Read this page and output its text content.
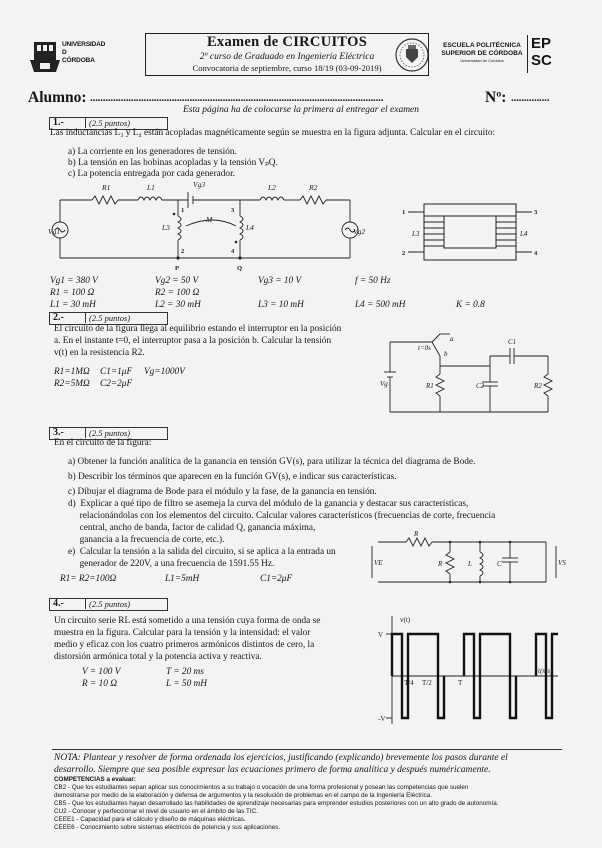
UNIVERSIDAD
D
CÓRDOBA
Examen de CIRCUITOS
2º curso de Graduado en Ingeniería Eléctrica
Convocatoria de septiembre, curso 18/19 (03-09-2019)
ESCUELA POLITÉCNICA
SUPERIOR DE CÓRDOBA
Universidad de Córdoba
EP
SC
Alumno: ...................................................................................................................	Nº: ...............
Esta página ha de colocarse la primera al entregar el examen
1.-	(2.5 puntos)
Las inductancias L₃ y L₄ están acopladas magnéticamente según se muestra en la figura adjunta. Calcular en el circuito:
a) La corriente en los generadores de tensión.
b) La tensión en las bobinas acopladas y la tensión VₚQ.
c) La potencia entregada por cada generador.
R1	L1	Vg3	L2	R2
M
L3	L4
Vg1	Vg2
1
2
3
4
P	Q
1
2
3
4
L3	L4
Vg1 = 380 V	Vg2 = 50 V	Vg3 = 10 V	f = 50 Hz
R1 = 100 Ω	R2 = 100 Ω
L1 = 30 mH	L2 = 30 mH	L3 = 10 mH	L4 = 500 mH	K = 0.8
2.-	(2.5 puntos)
El circuito de la figura llega al equilibrio estando el interruptor en la posición
a. En el instante t=0, el interruptor pasa a la posición b. Calcular la tensión
v(t) en la resistencia R2.
R1=1MΩ C1=1μF Vg=1000V
R2=5MΩ C2=2μF
a
b
t=0s
Vg	R1	C2
C1
R2
3.-	(2.5 puntos)
En el circuito de la figura:
a) Obtener la función analítica de la ganancia en tensión GV(s), para utilizar la técnica del diagrama de Bode.
b) Describir los términos que aparecen en la función GV(s), e indicar sus características.
c) Dibujar el diagrama de Bode para el módulo y la fase, de la ganancia en tensión.
d)  Explicar a qué tipo de filtro se asemeja la curva del módulo de la ganancia y destacar sus características,
relacionándolas con los elementos del circuito. Calcular valores característicos (frecuencias de corte, frecuencia
central, ancho de banda, factor de calidad Q, ganancia máxima,
ganancia a la frecuencia de corte, etc.).
e)  Calcular la tensión a la salida del circuito, si se aplica a la entrada un
generador de 220V, a una frecuencia de 1591.55 Hz.
R1= R2=100Ω	L1=5mH	C1=2μF
R
VE	R	L	C	VS
4.-	(2.5 puntos)
Un circuito serie RL está sometido a una tensión cuya forma de onda se
muestra en la figura. Calcular para la tensión y la intensidad: el valor
medio y eficaz con los cuatro primeros armónicos distintos de cero, la
distorsión armónica total y la potencia activa y reactiva.
V = 100 V	T = 20 ms
R = 10 Ω	L = 50 mH
v(t)
V
-V
T/4 T/2	T
t(ms)
NOTA: Plantear y resolver de forma ordenada los ejercicios, justificando (explicando) brevemente los pasos durante el
desarrollo. Siempre que sea posible expresar las ecuaciones primero de forma analítica y después numéricamente.
COMPETENCIAS a evaluar:
CB2 - Que los estudiantes sepan aplicar sus conocimientos a su trabajo o vocación de una forma profesional y posean las competencias que suelen
demostrarse por medio de la elaboración y defensa de argumentos y la resolución de problemas en el campo de la Ingeniería Eléctrica.
CB5 - Que los estudiantes hayan desarrollado las habilidades de aprendizaje necesarias para emprender estudios posteriores con un alto grado de autonomía.
CU2 - Conocer y perfeccionar el nivel de usuario en el ámbito de las TIC.
CEEE1 - Capacidad para el cálculo y diseño de máquinas eléctricas.
CEEE6 - Conocimiento sobre sistemas eléctricos de potencia y sus aplicaciones.
